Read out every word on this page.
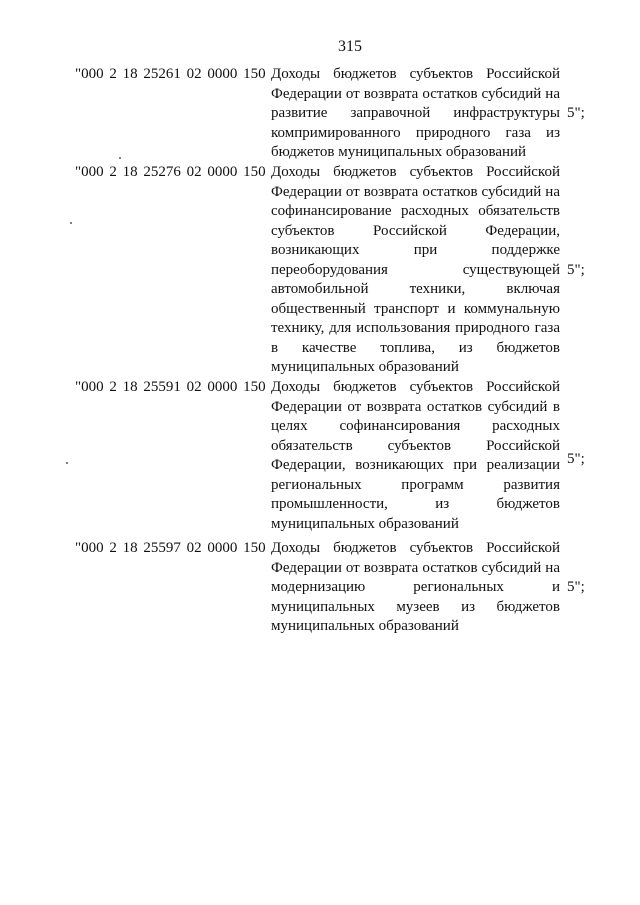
315
"000 2 18 25261 02 0000 150 Доходы бюджетов субъектов Российской Федерации от возврата остатков субсидий на развитие заправочной инфраструктуры компримированного природного газа из бюджетов муниципальных образований
5";
"000 2 18 25276 02 0000 150 Доходы бюджетов субъектов Российской Федерации от возврата остатков субсидий на софинансирование расходных обязательств субъектов Российской Федерации, возникающих при поддержке переоборудования существующей автомобильной техники, включая общественный транспорт и коммунальную технику, для использования природного газа в качестве топлива, из бюджетов муниципальных образований
5";
"000 2 18 25591 02 0000 150 Доходы бюджетов субъектов Российской Федерации от возврата остатков субсидий в целях софинансирования расходных обязательств субъектов Российской Федерации, возникающих при реализации региональных программ развития промышленности, из бюджетов муниципальных образований
5";
"000 2 18 25597 02 0000 150 Доходы бюджетов субъектов Российской Федерации от возврата остатков субсидий на модернизацию региональных и муниципальных музеев из бюджетов муниципальных образований
5";
